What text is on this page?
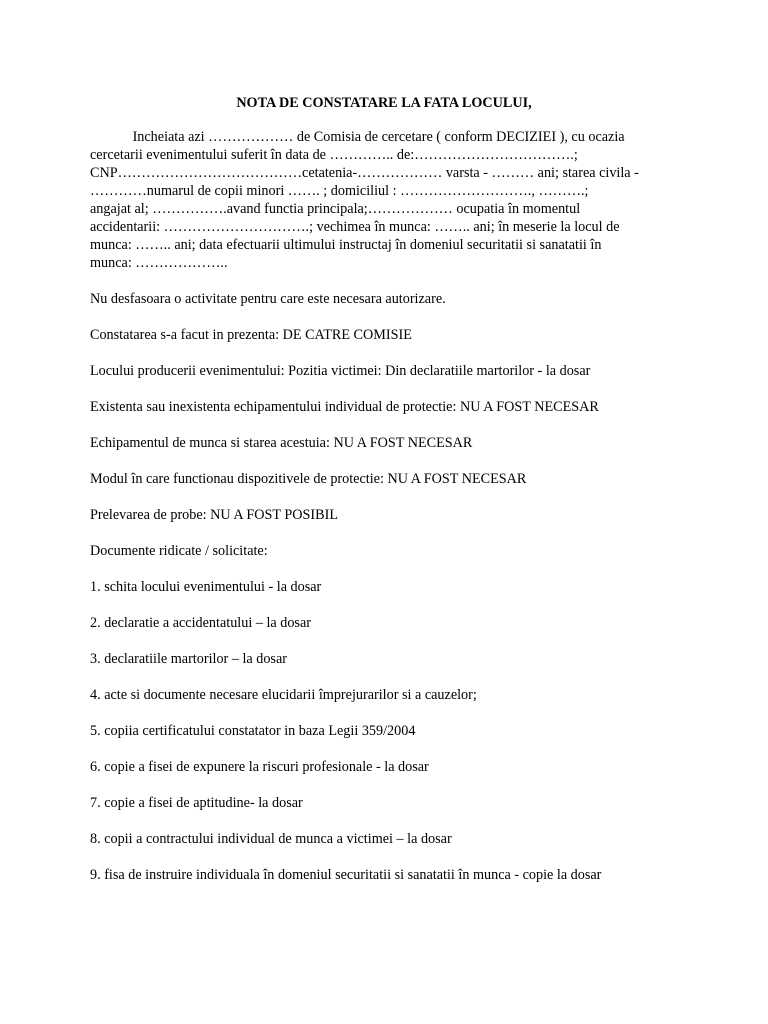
NOTA DE CONSTATARE LA FATA LOCULUI,
Incheiata azi ……………… de Comisia de cercetare ( conform DECIZIEI ), cu ocazia
cercetarii evenimentului suferit în data de ………….. de:…………………………….;
CNP…………………………………cetatenia-……………… varsta - ……… ani; starea civila -
…………numarul de copii minori ……. ; domiciliul : ………………………., ……….;
angajat al; …………….avand functia principala;……………… ocupatia în momentul
accidentarii: ………………………….; vechimea în munca: …….. ani; în meserie la locul de
munca: …….. ani; data efectuarii ultimului instructaj în domeniul securitatii si sanatatii în
munca: ………………..
Nu desfasoara o activitate pentru care este necesara autorizare.
Constatarea s-a facut in prezenta: DE CATRE COMISIE
Locului producerii evenimentului: Pozitia victimei: Din declaratiile martorilor - la dosar
Existenta sau inexistenta echipamentului individual de protectie: NU A FOST NECESAR
Echipamentul de munca si starea acestuia: NU A FOST NECESAR
Modul în care functionau dispozitivele de protectie: NU A FOST NECESAR
Prelevarea de probe: NU A FOST POSIBIL
Documente ridicate / solicitate:
1. schita locului evenimentului - la dosar
2. declaratie a accidentatului – la dosar
3. declaratiile martorilor – la dosar
4. acte si documente necesare elucidarii împrejurarilor si a cauzelor;
5. copiia certificatului constatator in baza Legii 359/2004
6. copie a fisei de expunere la riscuri profesionale - la dosar
7. copie a fisei de aptitudine- la dosar
8. copii a contractului individual de munca a victimei – la dosar
9. fisa de instruire individuala în domeniul securitatii si sanatatii în munca - copie la dosar
